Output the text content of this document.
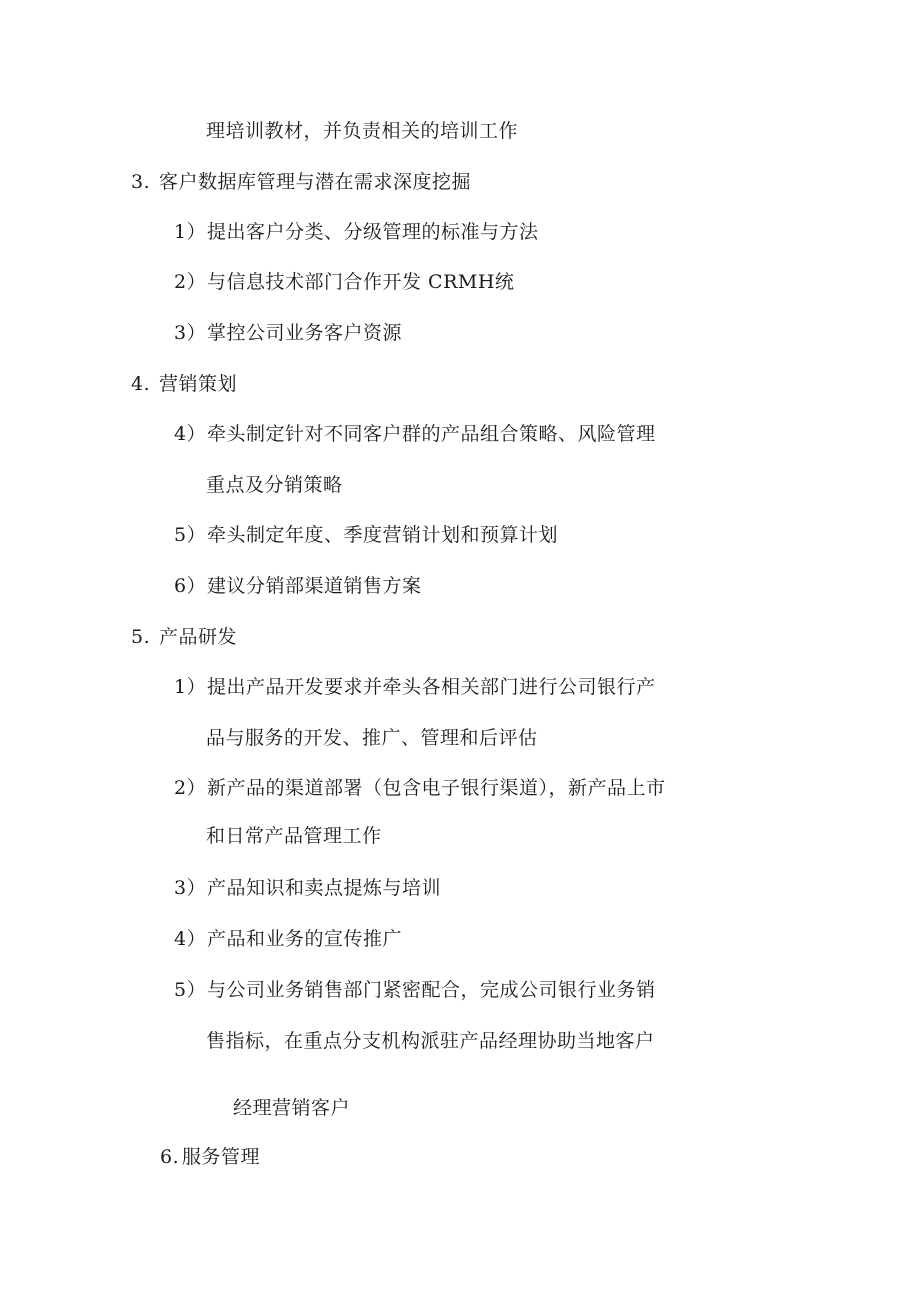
理培训教材，并负责相关的培训工作
3. 客户数据库管理与潜在需求深度挖掘
1）提出客户分类、分级管理的标准与方法
2）与信息技术部门合作开发 CRMH统
3）掌控公司业务客户资源
4. 营销策划
4）牵头制定针对不同客户群的产品组合策略、风险管理
重点及分销策略
5）牵头制定年度、季度营销计划和预算计划
6）建议分销部渠道销售方案
5. 产品研发
1）提出产品开发要求并牵头各相关部门进行公司银行产
品与服务的开发、推广、管理和后评估
2）新产品的渠道部署（包含电子银行渠道），新产品上市
和日常产品管理工作
3）产品知识和卖点提炼与培训
4）产品和业务的宣传推广
5）与公司业务销售部门紧密配合，完成公司银行业务销
售指标，在重点分支机构派驻产品经理协助当地客户
经理营销客户
6. 服务管理
